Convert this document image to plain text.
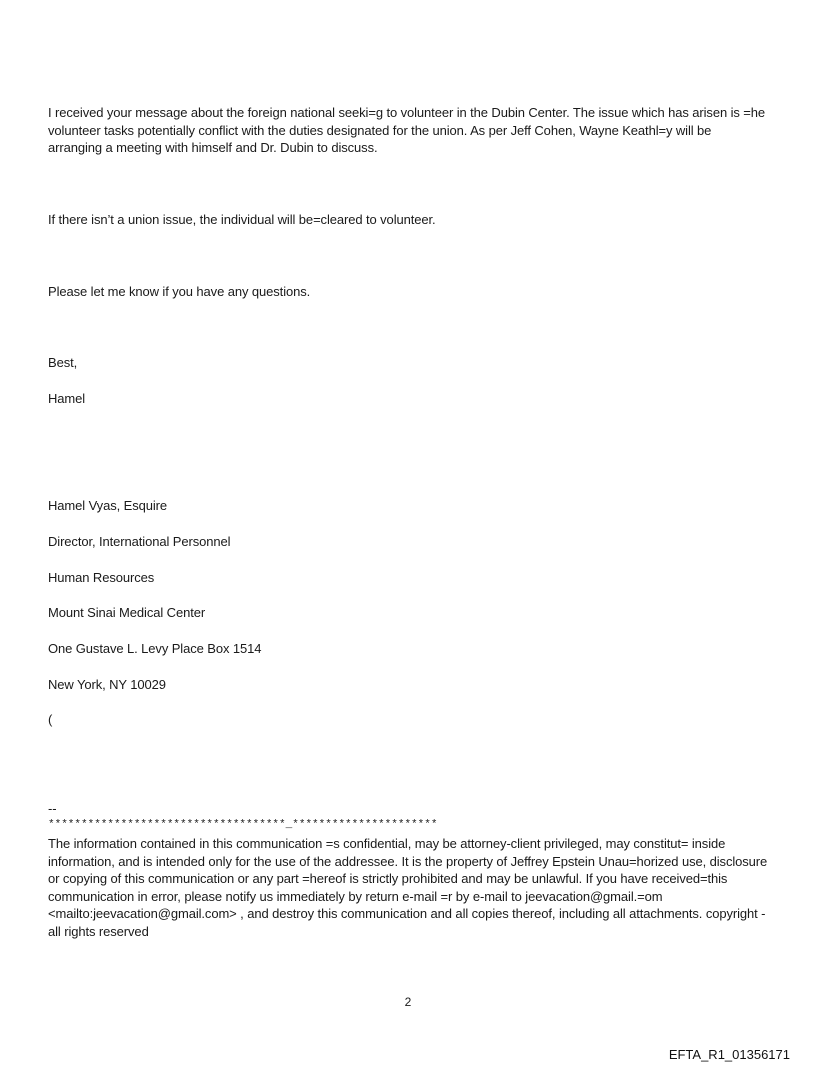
I received your message about the foreign national seeki=g to volunteer in the Dubin Center. The issue which has arisen is =he volunteer tasks potentially conflict with the duties designated for the union. As per Jeff Cohen, Wayne Keathl=y will be arranging a meeting with himself and Dr. Dubin to discuss.
If there isn’t a union issue, the individual will be=cleared to volunteer.
Please let me know if you have any questions.
Best,
Hamel
Hamel Vyas, Esquire
Director, International Personnel
Human Resources
Mount Sinai Medical Center
One Gustave L. Levy Place Box 1514
New York, NY 10029
(
--
************************************_**********************
The information contained in this communication =s confidential, may be attorney-client privileged, may constitut= inside information, and is intended only for the use of the addressee. It is the property of Jeffrey Epstein Unau=horized use, disclosure or copying of this communication or any part =hereof is strictly prohibited and may be unlawful. If you have received=this communication in error, please notify us immediately by return e-mail =r by e-mail to jeevacation@gmail.=om <mailto:jeevacation@gmail.com> , and destroy this communication and all copies thereof, including all attachments. copyright -all rights reserved
2
EFTA_R1_01356171
